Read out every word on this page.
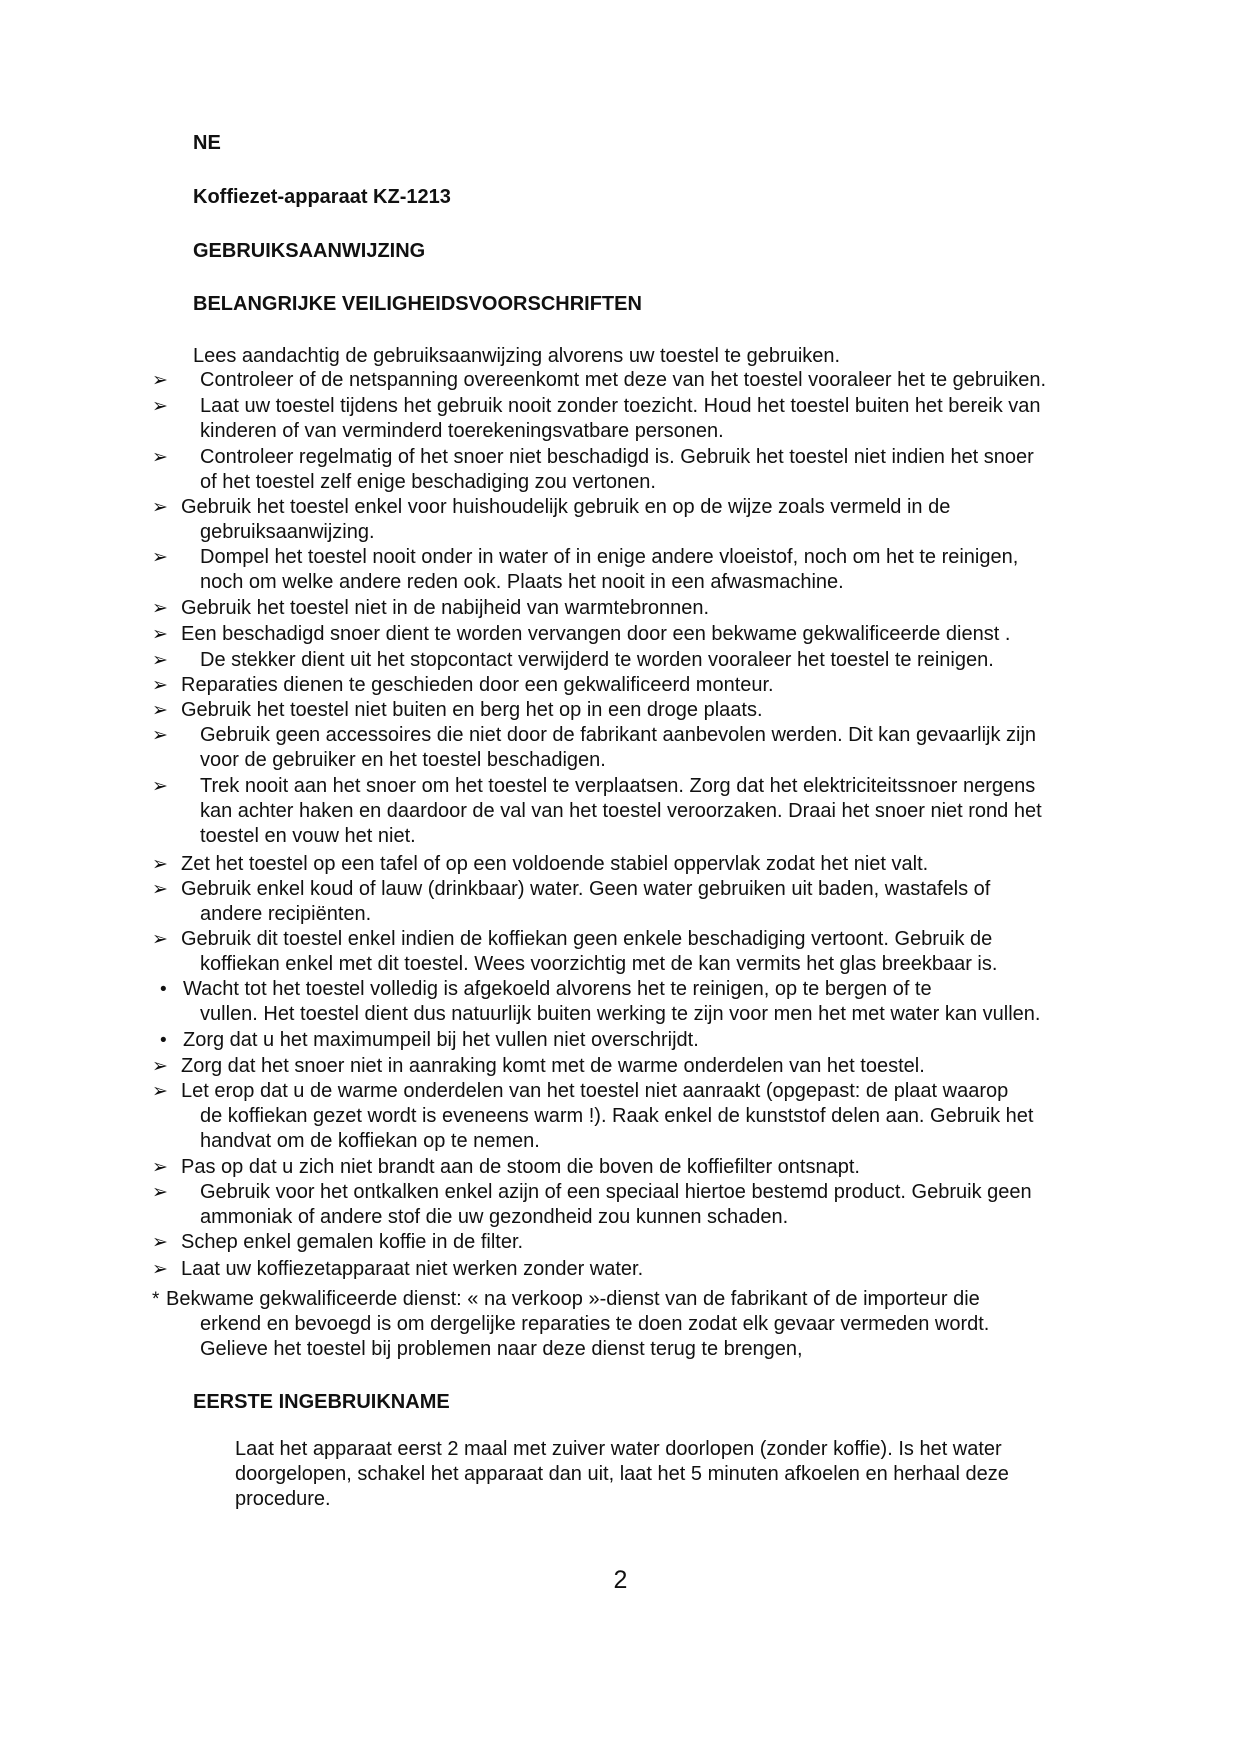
NE
Koffiezet-apparaat KZ-1213
GEBRUIKSAANWIJZING
BELANGRIJKE VEILIGHEIDSVOORSCHRIFTEN
Lees aandachtig de gebruiksaanwijzing alvorens uw toestel te gebruiken.
➢ Controleer of de netspanning overeenkomt met deze van het toestel vooraleer het te gebruiken.
➢ Laat uw toestel tijdens het gebruik nooit zonder toezicht. Houd het toestel buiten het bereik van
kinderen of van verminderd toerekeningsvatbare personen.
➢ Controleer regelmatig of het snoer niet beschadigd is. Gebruik het toestel niet indien het snoer
of het toestel zelf enige beschadiging zou vertonen.
➢ Gebruik het toestel enkel voor huishoudelijk gebruik en op de wijze zoals vermeld in de
gebruiksaanwijzing.
➢ Dompel het toestel nooit onder in water of in enige andere vloeistof, noch om het te reinigen,
noch om welke andere reden ook. Plaats het nooit in een afwasmachine.
➢ Gebruik het toestel niet in de nabijheid van warmtebronnen.
➢ Een beschadigd snoer dient te worden vervangen door een bekwame gekwalificeerde dienst .
➢ De stekker dient uit het stopcontact verwijderd te worden vooraleer het toestel te reinigen.
➢ Reparaties dienen te geschieden door een gekwalificeerd monteur.
➢ Gebruik het toestel niet buiten en berg het op in een droge plaats.
➢ Gebruik geen accessoires die niet door de fabrikant aanbevolen werden. Dit kan gevaarlijk zijn
voor de gebruiker en het toestel beschadigen.
➢ Trek nooit aan het snoer om het toestel te verplaatsen. Zorg dat het elektriciteitssnoer nergens
kan achter haken en daardoor de val van het toestel veroorzaken. Draai het snoer niet rond het
toestel en vouw het niet.
➢ Zet het toestel op een tafel of op een voldoende stabiel oppervlak zodat het niet valt.
➢ Gebruik enkel koud of lauw (drinkbaar) water. Geen water gebruiken uit baden, wastafels of
andere recipiënten.
➢ Gebruik dit toestel enkel indien de koffiekan geen enkele beschadiging vertoont. Gebruik de
koffiekan enkel met dit toestel. Wees voorzichtig met de kan vermits het glas breekbaar is.
• Wacht tot het toestel volledig is afgekoeld alvorens het te reinigen, op te bergen of te
vullen. Het toestel dient dus natuurlijk buiten werking te zijn voor men het met water kan vullen.
• Zorg dat u het maximumpeil bij het vullen niet overschrijdt.
➢ Zorg dat het snoer niet in aanraking komt met de warme onderdelen van het toestel.
➢ Let erop dat u de warme onderdelen van het toestel niet aanraakt (opgepast: de plaat waarop
de koffiekan gezet wordt is eveneens warm !). Raak enkel de kunststof delen aan. Gebruik het
handvat om de koffiekan op te nemen.
➢ Pas op dat u zich niet brandt aan de stoom die boven de koffiefilter ontsnapt.
➢ Gebruik voor het ontkalken enkel azijn of een speciaal hiertoe bestemd product. Gebruik geen
ammoniak of andere stof die uw gezondheid zou kunnen schaden.
➢ Schep enkel gemalen koffie in de filter.
➢ Laat uw koffiezetapparaat niet werken zonder water.
* Bekwame gekwalificeerde dienst: « na verkoop »-dienst van de fabrikant of de importeur die
erkend en bevoegd is om dergelijke reparaties te doen zodat elk gevaar vermeden wordt.
Gelieve het toestel bij problemen naar deze dienst terug te brengen,
EERSTE INGEBRUIKNAME
Laat het apparaat eerst 2 maal met zuiver water doorlopen (zonder koffie). Is het water
doorgelopen, schakel het apparaat dan uit, laat het 5 minuten afkoelen en herhaal deze
procedure.
2
